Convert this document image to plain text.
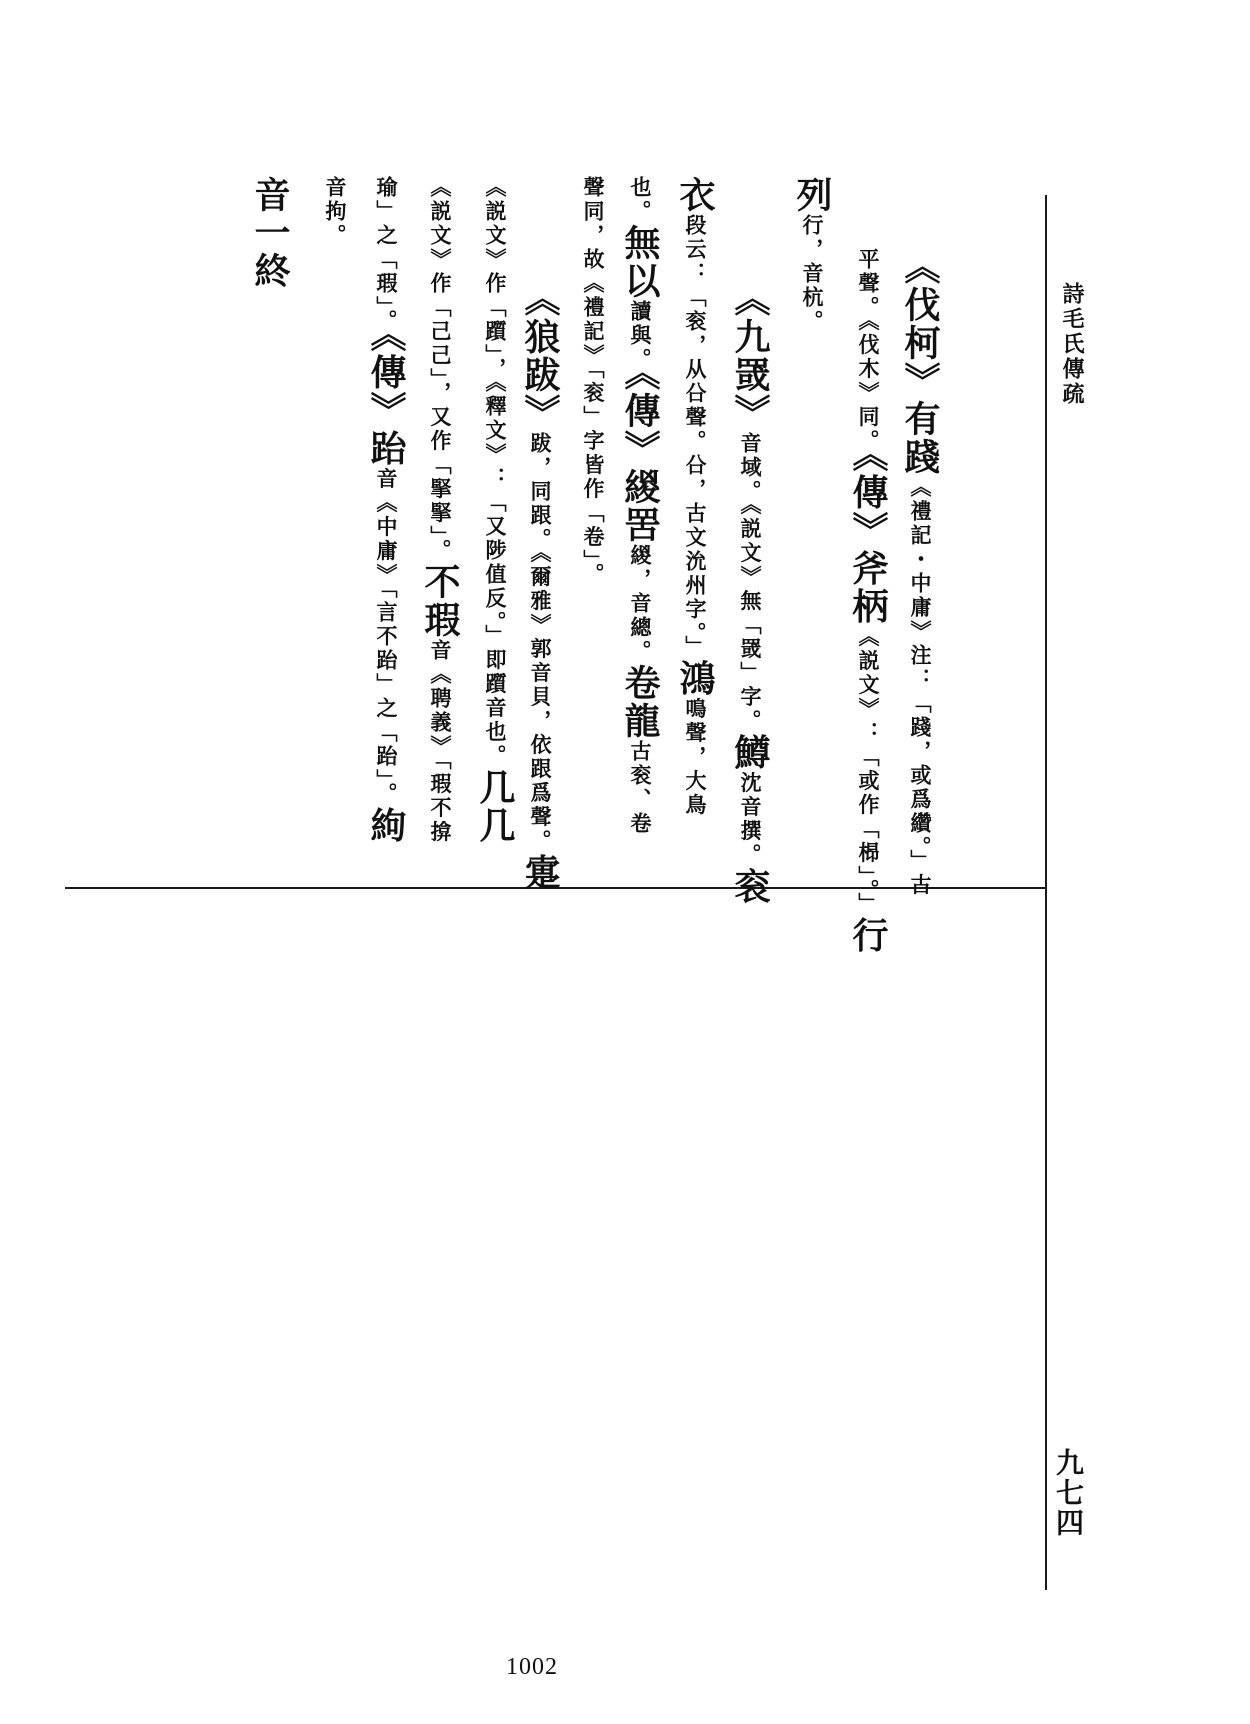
詩毛氏傳疏
《伐柯》有踐《禮記・中庸》注：「踐，或爲纘。」古
平聲。《伐木》同。《傳》斧柄《説文》：「或作「㭿」。」行
列行，音杭。
《九罭》音域。《説文》無「罭」字。鱒沈音撰。衮
衣段云：「衮，从㕣聲。㕣，古文沇州字。」鴻鳴聲，大鳥
也。無以讀與。《傳》緵罟緵，音總。卷龍古衮、卷
聲同，故《禮記》「衮」字皆作「卷」。
《狼跋》跋，同跟。《爾雅》郭音貝，依跟爲聲。疐
《説文》作「躓」，《釋文》：「又陟值反。」即躓音也。几几
《説文》作「己己」，又作「掔掔」。不瑕音《聘義》「瑕不揜
瑜」之「瑕」。《傳》跆音《中庸》「言不跆」之「跆」。絇
音拘。
音一終
九七四
1002
